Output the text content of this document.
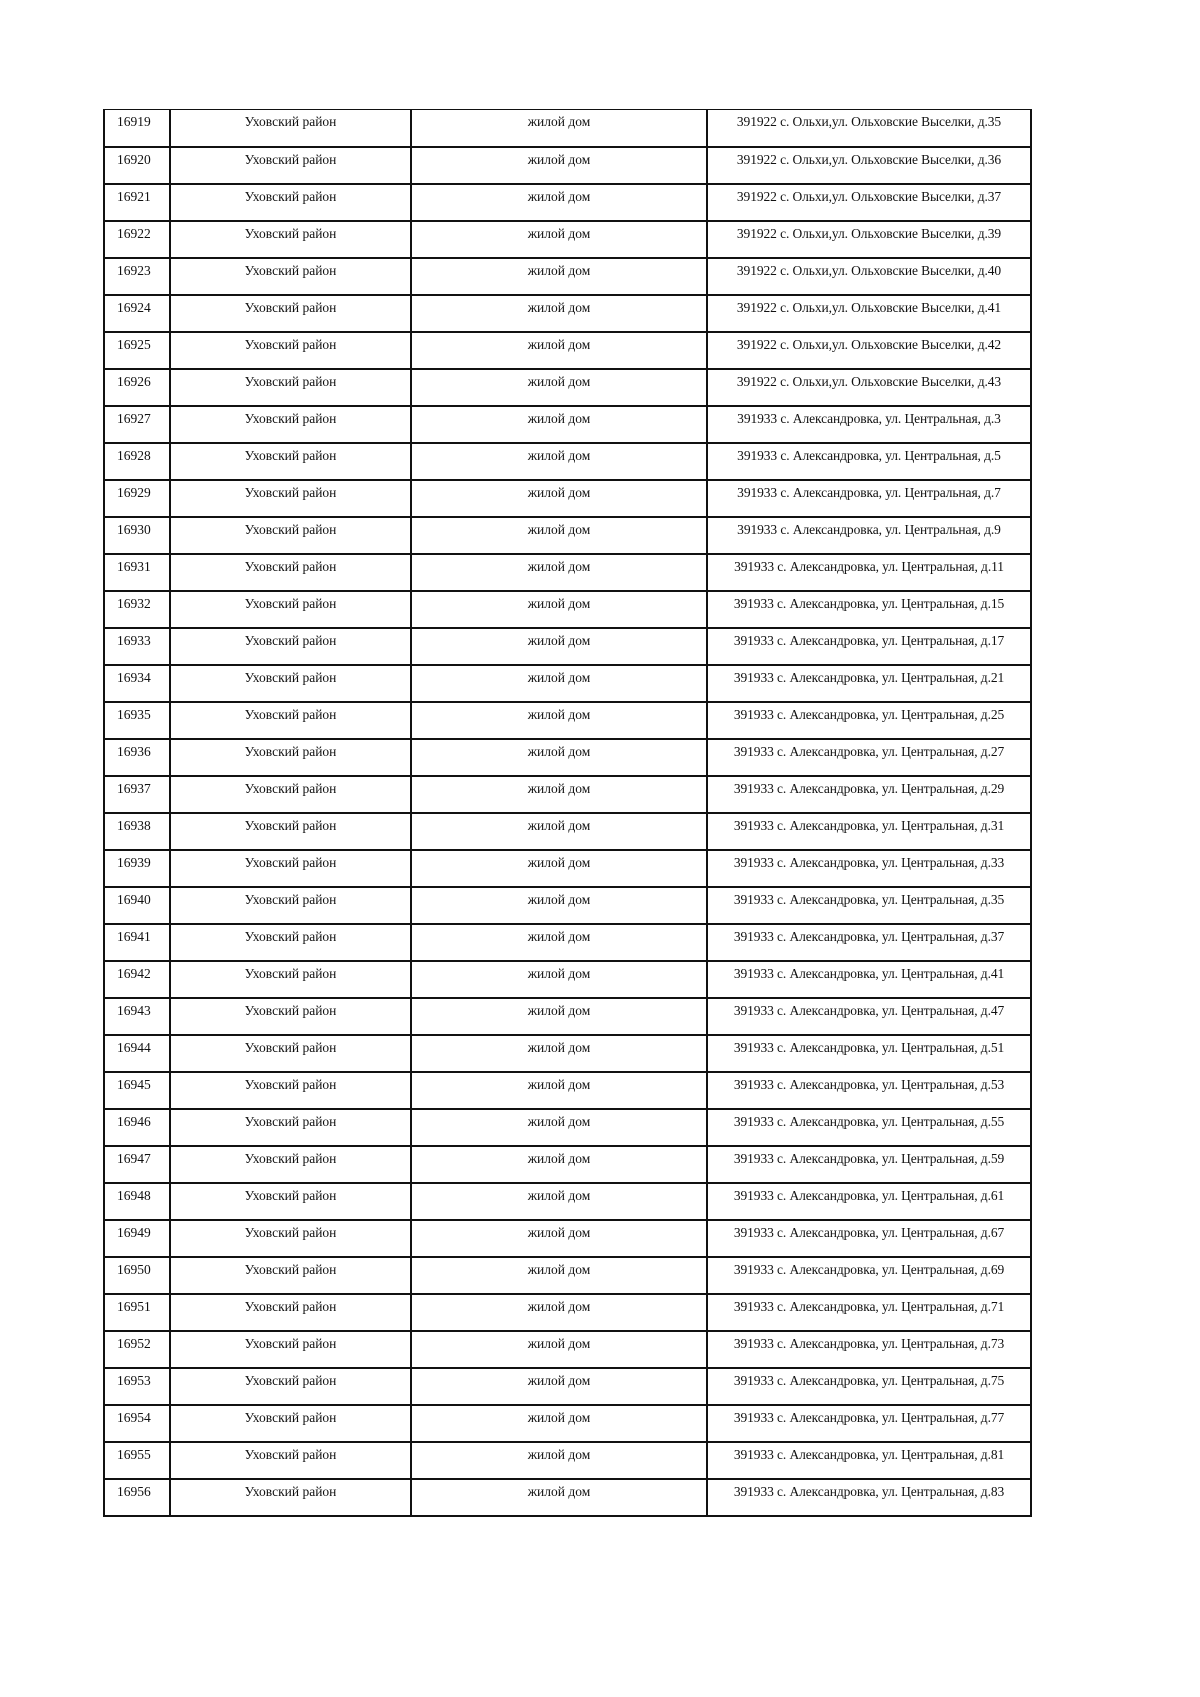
16919	Уховский район	жилой дом	391922 с. Ольхи,ул. Ольховские Выселки, д.35
16920	Уховский район	жилой дом	391922 с. Ольхи,ул. Ольховские Выселки, д.36
16921	Уховский район	жилой дом	391922 с. Ольхи,ул. Ольховские Выселки, д.37
16922	Уховский район	жилой дом	391922 с. Ольхи,ул. Ольховские Выселки, д.39
16923	Уховский район	жилой дом	391922 с. Ольхи,ул. Ольховские Выселки, д.40
16924	Уховский район	жилой дом	391922 с. Ольхи,ул. Ольховские Выселки, д.41
16925	Уховский район	жилой дом	391922 с. Ольхи,ул. Ольховские Выселки, д.42
16926	Уховский район	жилой дом	391922 с. Ольхи,ул. Ольховские Выселки, д.43
16927	Уховский район	жилой дом	391933 с. Александровка, ул. Центральная, д.3
16928	Уховский район	жилой дом	391933 с. Александровка, ул. Центральная, д.5
16929	Уховский район	жилой дом	391933 с. Александровка, ул. Центральная, д.7
16930	Уховский район	жилой дом	391933 с. Александровка, ул. Центральная, д.9
16931	Уховский район	жилой дом	391933 с. Александровка, ул. Центральная, д.11
16932	Уховский район	жилой дом	391933 с. Александровка, ул. Центральная, д.15
16933	Уховский район	жилой дом	391933 с. Александровка, ул. Центральная, д.17
16934	Уховский район	жилой дом	391933 с. Александровка, ул. Центральная, д.21
16935	Уховский район	жилой дом	391933 с. Александровка, ул. Центральная, д.25
16936	Уховский район	жилой дом	391933 с. Александровка, ул. Центральная, д.27
16937	Уховский район	жилой дом	391933 с. Александровка, ул. Центральная, д.29
16938	Уховский район	жилой дом	391933 с. Александровка, ул. Центральная, д.31
16939	Уховский район	жилой дом	391933 с. Александровка, ул. Центральная, д.33
16940	Уховский район	жилой дом	391933 с. Александровка, ул. Центральная, д.35
16941	Уховский район	жилой дом	391933 с. Александровка, ул. Центральная, д.37
16942	Уховский район	жилой дом	391933 с. Александровка, ул. Центральная, д.41
16943	Уховский район	жилой дом	391933 с. Александровка, ул. Центральная, д.47
16944	Уховский район	жилой дом	391933 с. Александровка, ул. Центральная, д.51
16945	Уховский район	жилой дом	391933 с. Александровка, ул. Центральная, д.53
16946	Уховский район	жилой дом	391933 с. Александровка, ул. Центральная, д.55
16947	Уховский район	жилой дом	391933 с. Александровка, ул. Центральная, д.59
16948	Уховский район	жилой дом	391933 с. Александровка, ул. Центральная, д.61
16949	Уховский район	жилой дом	391933 с. Александровка, ул. Центральная, д.67
16950	Уховский район	жилой дом	391933 с. Александровка, ул. Центральная, д.69
16951	Уховский район	жилой дом	391933 с. Александровка, ул. Центральная, д.71
16952	Уховский район	жилой дом	391933 с. Александровка, ул. Центральная, д.73
16953	Уховский район	жилой дом	391933 с. Александровка, ул. Центральная, д.75
16954	Уховский район	жилой дом	391933 с. Александровка, ул. Центральная, д.77
16955	Уховский район	жилой дом	391933 с. Александровка, ул. Центральная, д.81
16956	Уховский район	жилой дом	391933 с. Александровка, ул. Центральная, д.83
